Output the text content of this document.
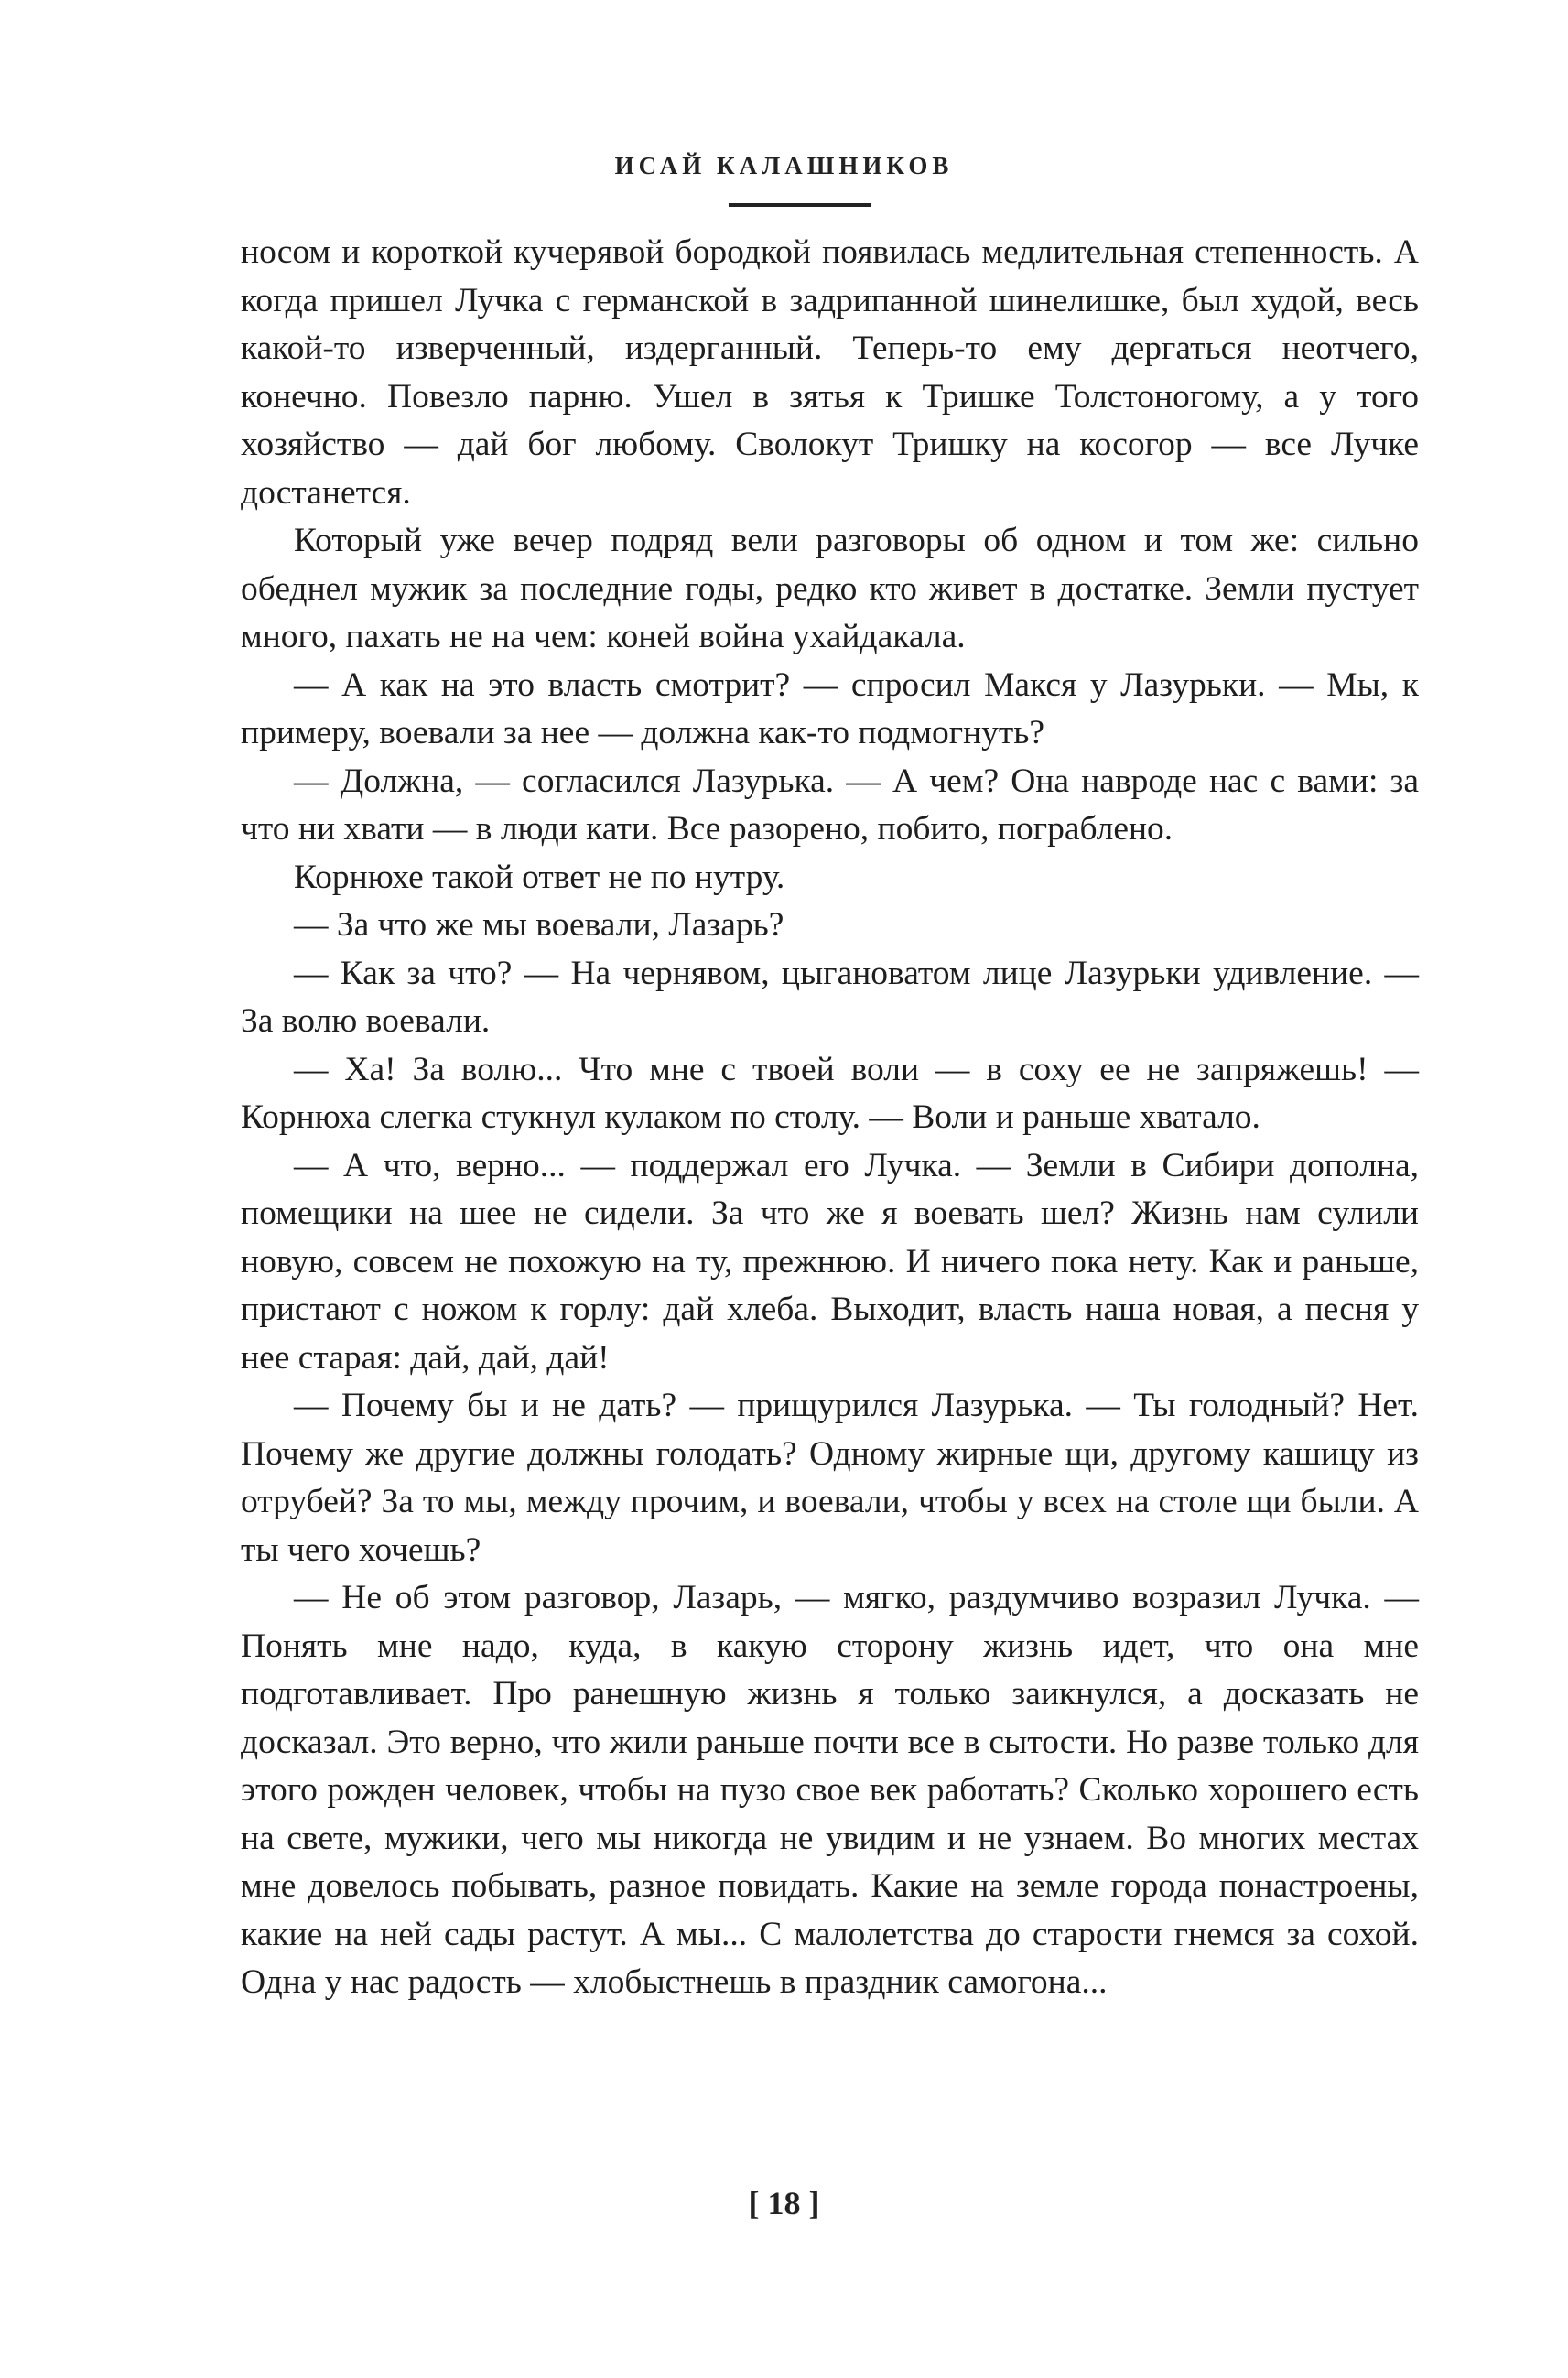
ИСАЙ КАЛАШНИКОВ

носом и короткой кучерявой бородкой появилась медлительная степенность. А когда пришел Лучка с германской в задрипанной шинелишке, был худой, весь какой-то изверченный, издерганный. Теперь-то ему дергаться неотчего, конечно. Повезло парню. Ушел в зятья к Тришке Толстоногому, а у того хозяйство — дай бог любому. Сволокут Тришку на косогор — все Лучке достанется.

Который уже вечер подряд вели разговоры об одном и том же: сильно обеднел мужик за последние годы, редко кто живет в достатке. Земли пустует много, пахать не на чем: коней война ухайдакала.

— А как на это власть смотрит? — спросил Макся у Лазурьки. — Мы, к примеру, воевали за нее — должна как-то подмогнуть?

— Должна, — согласился Лазурька. — А чем? Она навроде нас с вами: за что ни хвати — в люди кати. Все разорено, побито, пограблено.

Корнюхе такой ответ не по нутру.

— За что же мы воевали, Лазарь?

— Как за что? — На чернявом, цыгановатом лице Лазурьки удивление. — За волю воевали.

— Ха! За волю... Что мне с твоей воли — в соху ее не запряжешь! — Корнюха слегка стукнул кулаком по столу. — Воли и раньше хватало.

— А что, верно... — поддержал его Лучка. — Земли в Сибири дополна, помещики на шее не сидели. За что же я воевать шел? Жизнь нам сулили новую, совсем не похожую на ту, прежнюю. И ничего пока нету. Как и раньше, пристают с ножом к горлу: дай хлеба. Выходит, власть наша новая, а песня у нее старая: дай, дай, дай!

— Почему бы и не дать? — прищурился Лазурька. — Ты голодный? Нет. Почему же другие должны голодать? Одному жирные щи, другому кашицу из отрубей? За то мы, между прочим, и воевали, чтобы у всех на столе щи были. А ты чего хочешь?

— Не об этом разговор, Лазарь, — мягко, раздумчиво возразил Лучка. — Понять мне надо, куда, в какую сторону жизнь идет, что она мне подготавливает. Про ранешную жизнь я только заикнулся, а досказать не досказал. Это верно, что жили раньше почти все в сытости. Но разве только для этого рожден человек, чтобы на пузо свое век работать? Сколько хорошего есть на свете, мужики, чего мы никогда не увидим и не узнаем. Во многих местах мне довелось побывать, разное повидать. Какие на земле города понастроены, какие на ней сады растут. А мы... С малолетства до старости гнемся за сохой. Одна у нас радость — хлобыстнешь в праздник самогона...

[ 18 ]
